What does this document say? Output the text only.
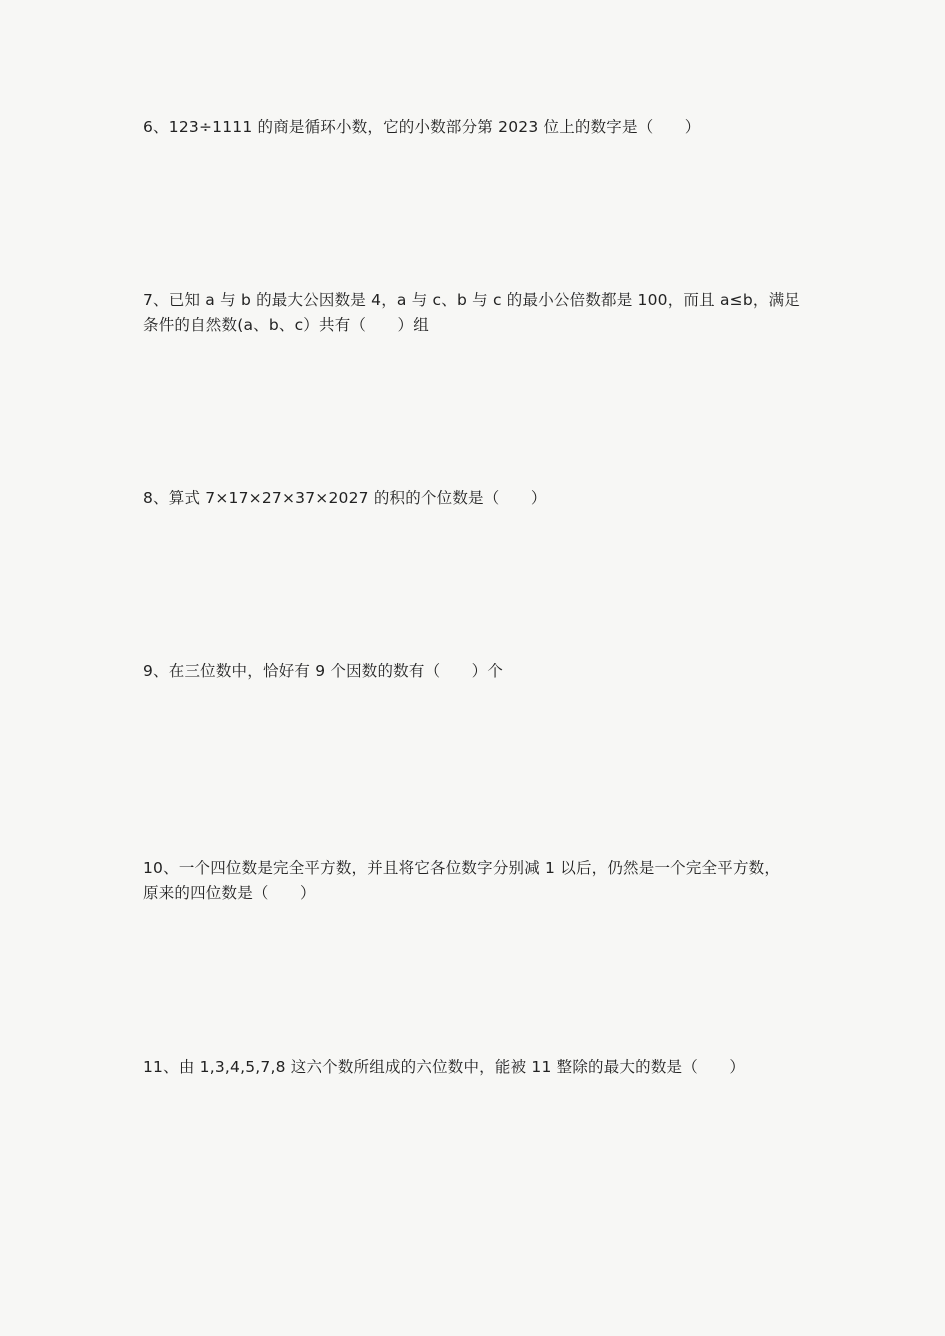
6、123÷1111 的商是循环小数，它的小数部分第 2023 位上的数字是（　　）
7、已知 a 与 b 的最大公因数是 4，a 与 c、b 与 c 的最小公倍数都是 100，而且 a≤b，满足
条件的自然数(a、b、c）共有（　　）组
8、算式 7×17×27×37×2027 的积的个位数是（　　）
9、在三位数中，恰好有 9 个因数的数有（　　）个
10、一个四位数是完全平方数，并且将它各位数字分别减 1 以后，仍然是一个完全平方数，
原来的四位数是（　　）
11、由 1,3,4,5,7,8 这六个数所组成的六位数中，能被 11 整除的最大的数是（　　）
